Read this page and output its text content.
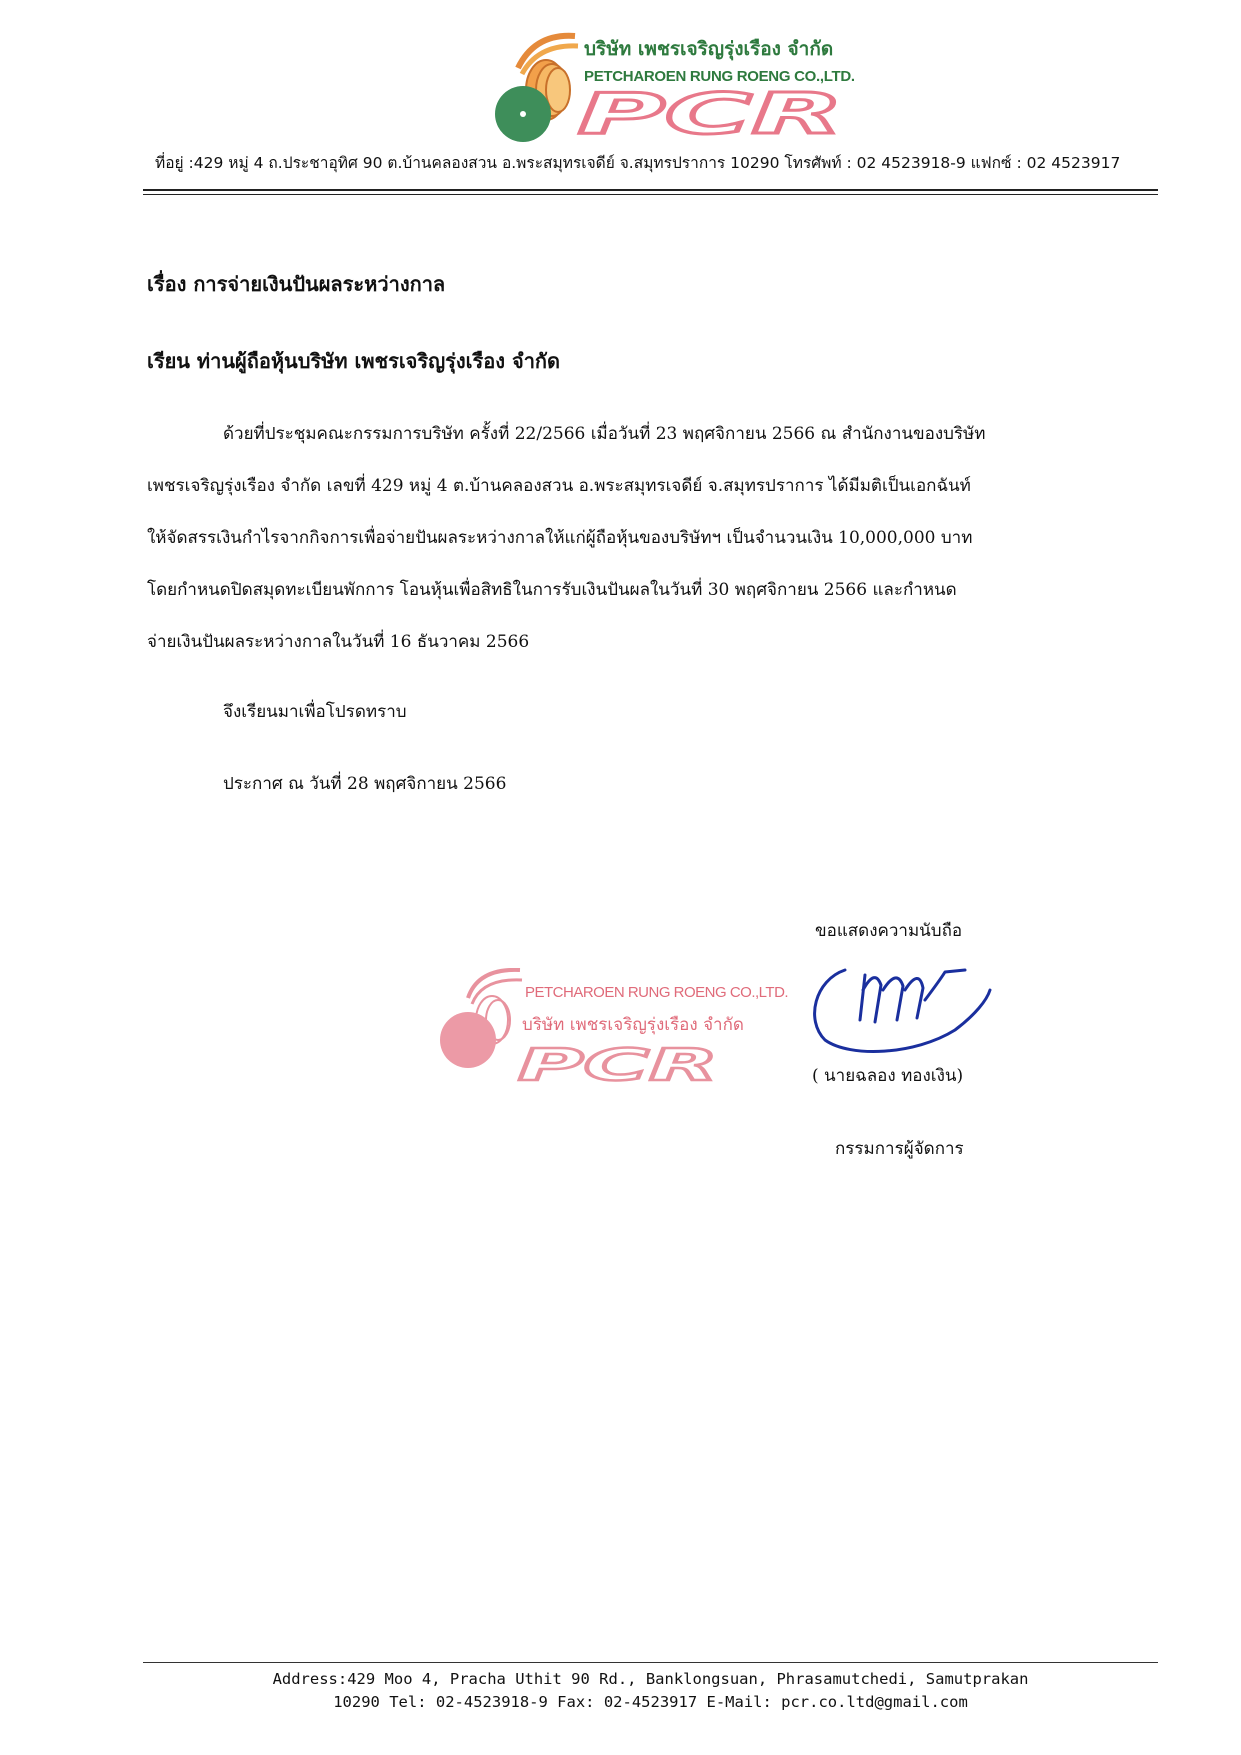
PCR
บริษัท เพชรเจริญรุ่งเรือง จำกัด
PETCHAROEN RUNG ROENG CO.,LTD.
ที่อยู่ :429 หมู่ 4 ถ.ประชาอุทิศ 90 ต.บ้านคลองสวน อ.พระสมุทรเจดีย์ จ.สมุทรปราการ 10290 โทรศัพท์ : 02 4523918-9 แฟกซ์ : 02 4523917
เรื่อง การจ่ายเงินปันผลระหว่างกาล
เรียน ท่านผู้ถือหุ้นบริษัท เพชรเจริญรุ่งเรือง จำกัด
ด้วยที่ประชุมคณะกรรมการบริษัท ครั้งที่ 22/2566 เมื่อวันที่ 23 พฤศจิกายน 2566 ณ สำนักงานของบริษัท
เพชรเจริญรุ่งเรือง จำกัด เลขที่ 429 หมู่ 4 ต.บ้านคลองสวน อ.พระสมุทรเจดีย์ จ.สมุทรปราการ ได้มีมติเป็นเอกฉันท์
ให้จัดสรรเงินกำไรจากกิจการเพื่อจ่ายปันผลระหว่างกาลให้แก่ผู้ถือหุ้นของบริษัทฯ เป็นจำนวนเงิน 10,000,000 บาท
โดยกำหนดปิดสมุดทะเบียนพักการ โอนหุ้นเพื่อสิทธิในการรับเงินปันผลในวันที่ 30 พฤศจิกายน 2566 และกำหนด
จ่ายเงินปันผลระหว่างกาลในวันที่ 16 ธันวาคม 2566
จึงเรียนมาเพื่อโปรดทราบ
ประกาศ ณ วันที่ 28 พฤศจิกายน 2566
ขอแสดงความนับถือ
PCR
PETCHAROEN RUNG ROENG CO.,LTD.
บริษัท เพชรเจริญรุ่งเรือง จำกัด
( นายฉลอง ทองเงิน)
กรรมการผู้จัดการ
Address:429 Moo 4, Pracha Uthit 90 Rd., Banklongsuan, Phrasamutchedi, Samutprakan
10290 Tel: 02-4523918-9 Fax: 02-4523917 E-Mail: pcr.co.ltd@gmail.com
